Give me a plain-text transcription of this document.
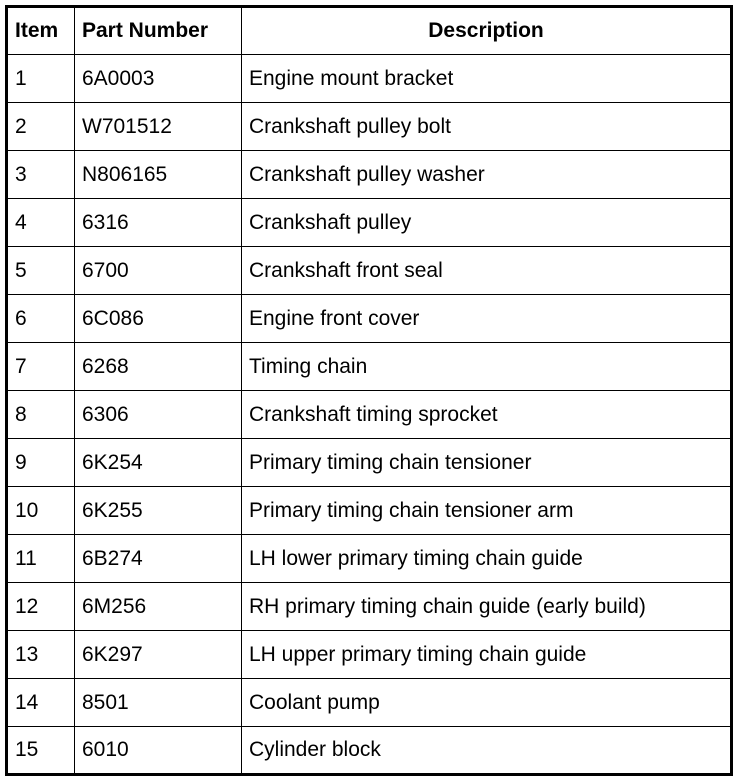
Item	Part Number	Description
1	6A0003	Engine mount bracket
2	W701512	Crankshaft pulley bolt
3	N806165	Crankshaft pulley washer
4	6316	Crankshaft pulley
5	6700	Crankshaft front seal
6	6C086	Engine front cover
7	6268	Timing chain
8	6306	Crankshaft timing sprocket
9	6K254	Primary timing chain tensioner
10	6K255	Primary timing chain tensioner arm
11	6B274	LH lower primary timing chain guide
12	6M256	RH primary timing chain guide (early build)
13	6K297	LH upper primary timing chain guide
14	8501	Coolant pump
15	6010	Cylinder block
